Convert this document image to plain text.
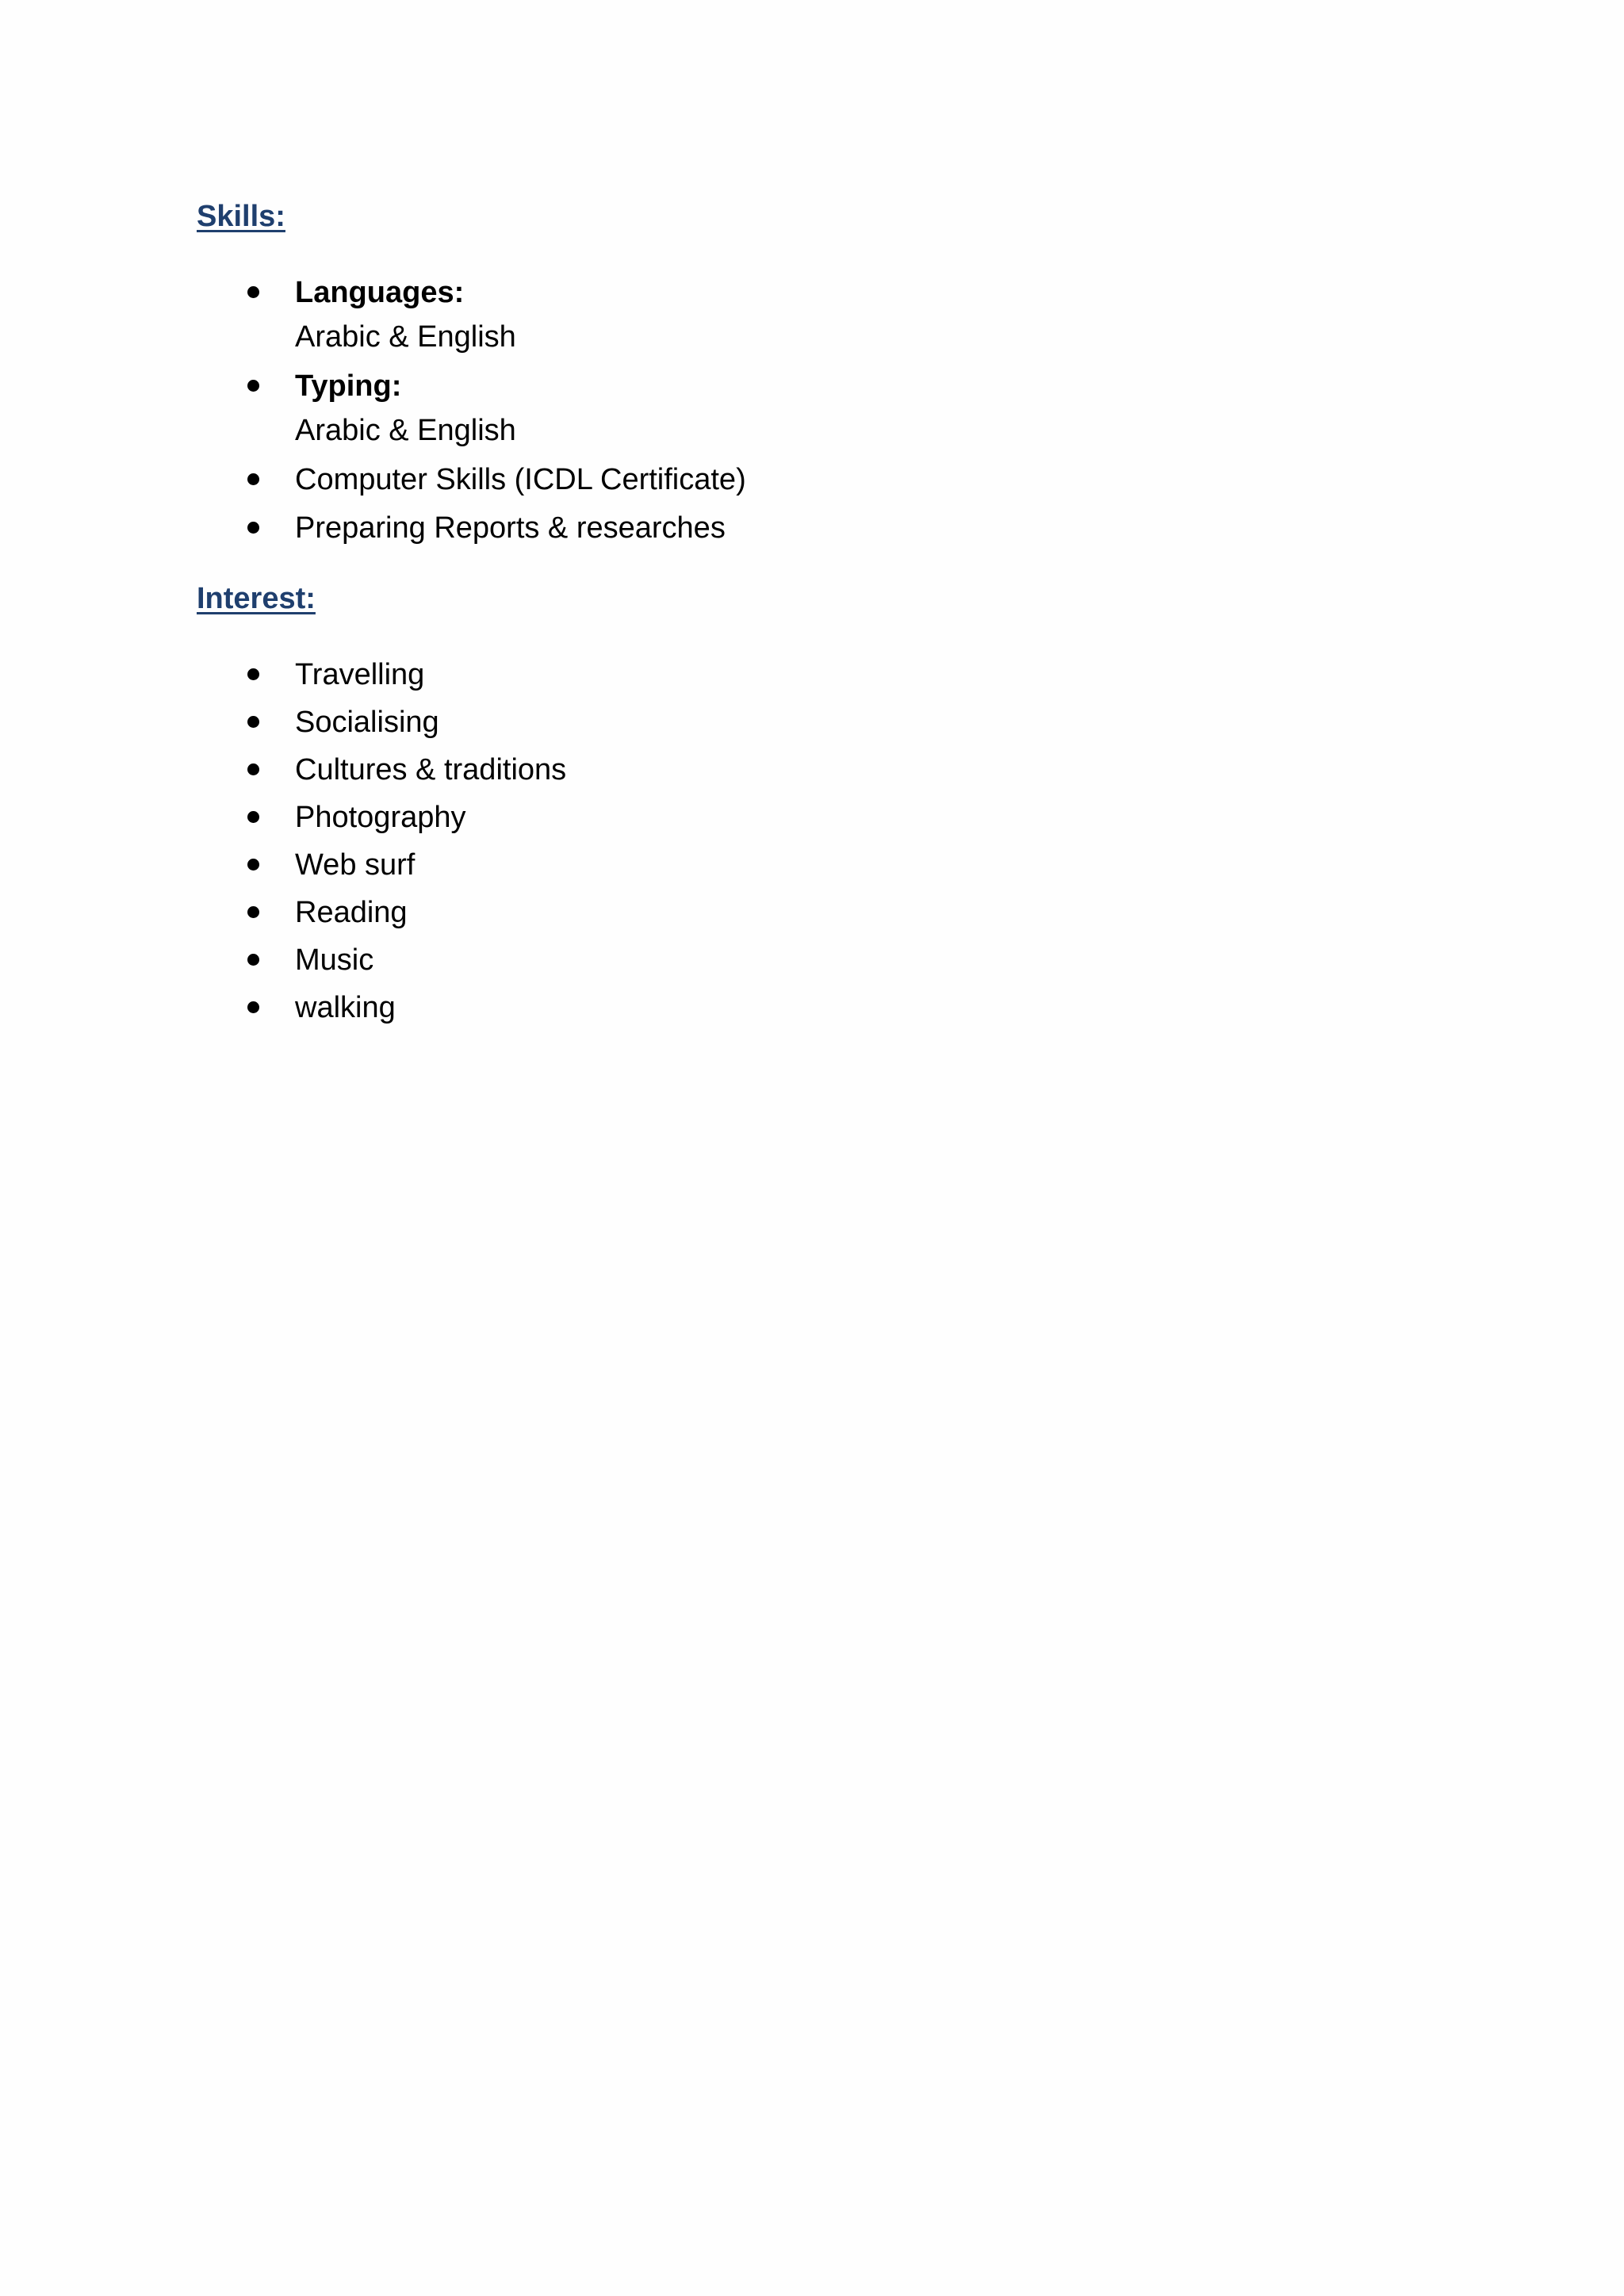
Skills:
Languages:
Arabic & English
Typing:
Arabic & English
Computer Skills (ICDL Certificate)
Preparing Reports & researches
Interest:
Travelling
Socialising
Cultures & traditions
Photography
Web surf
Reading
Music
walking
